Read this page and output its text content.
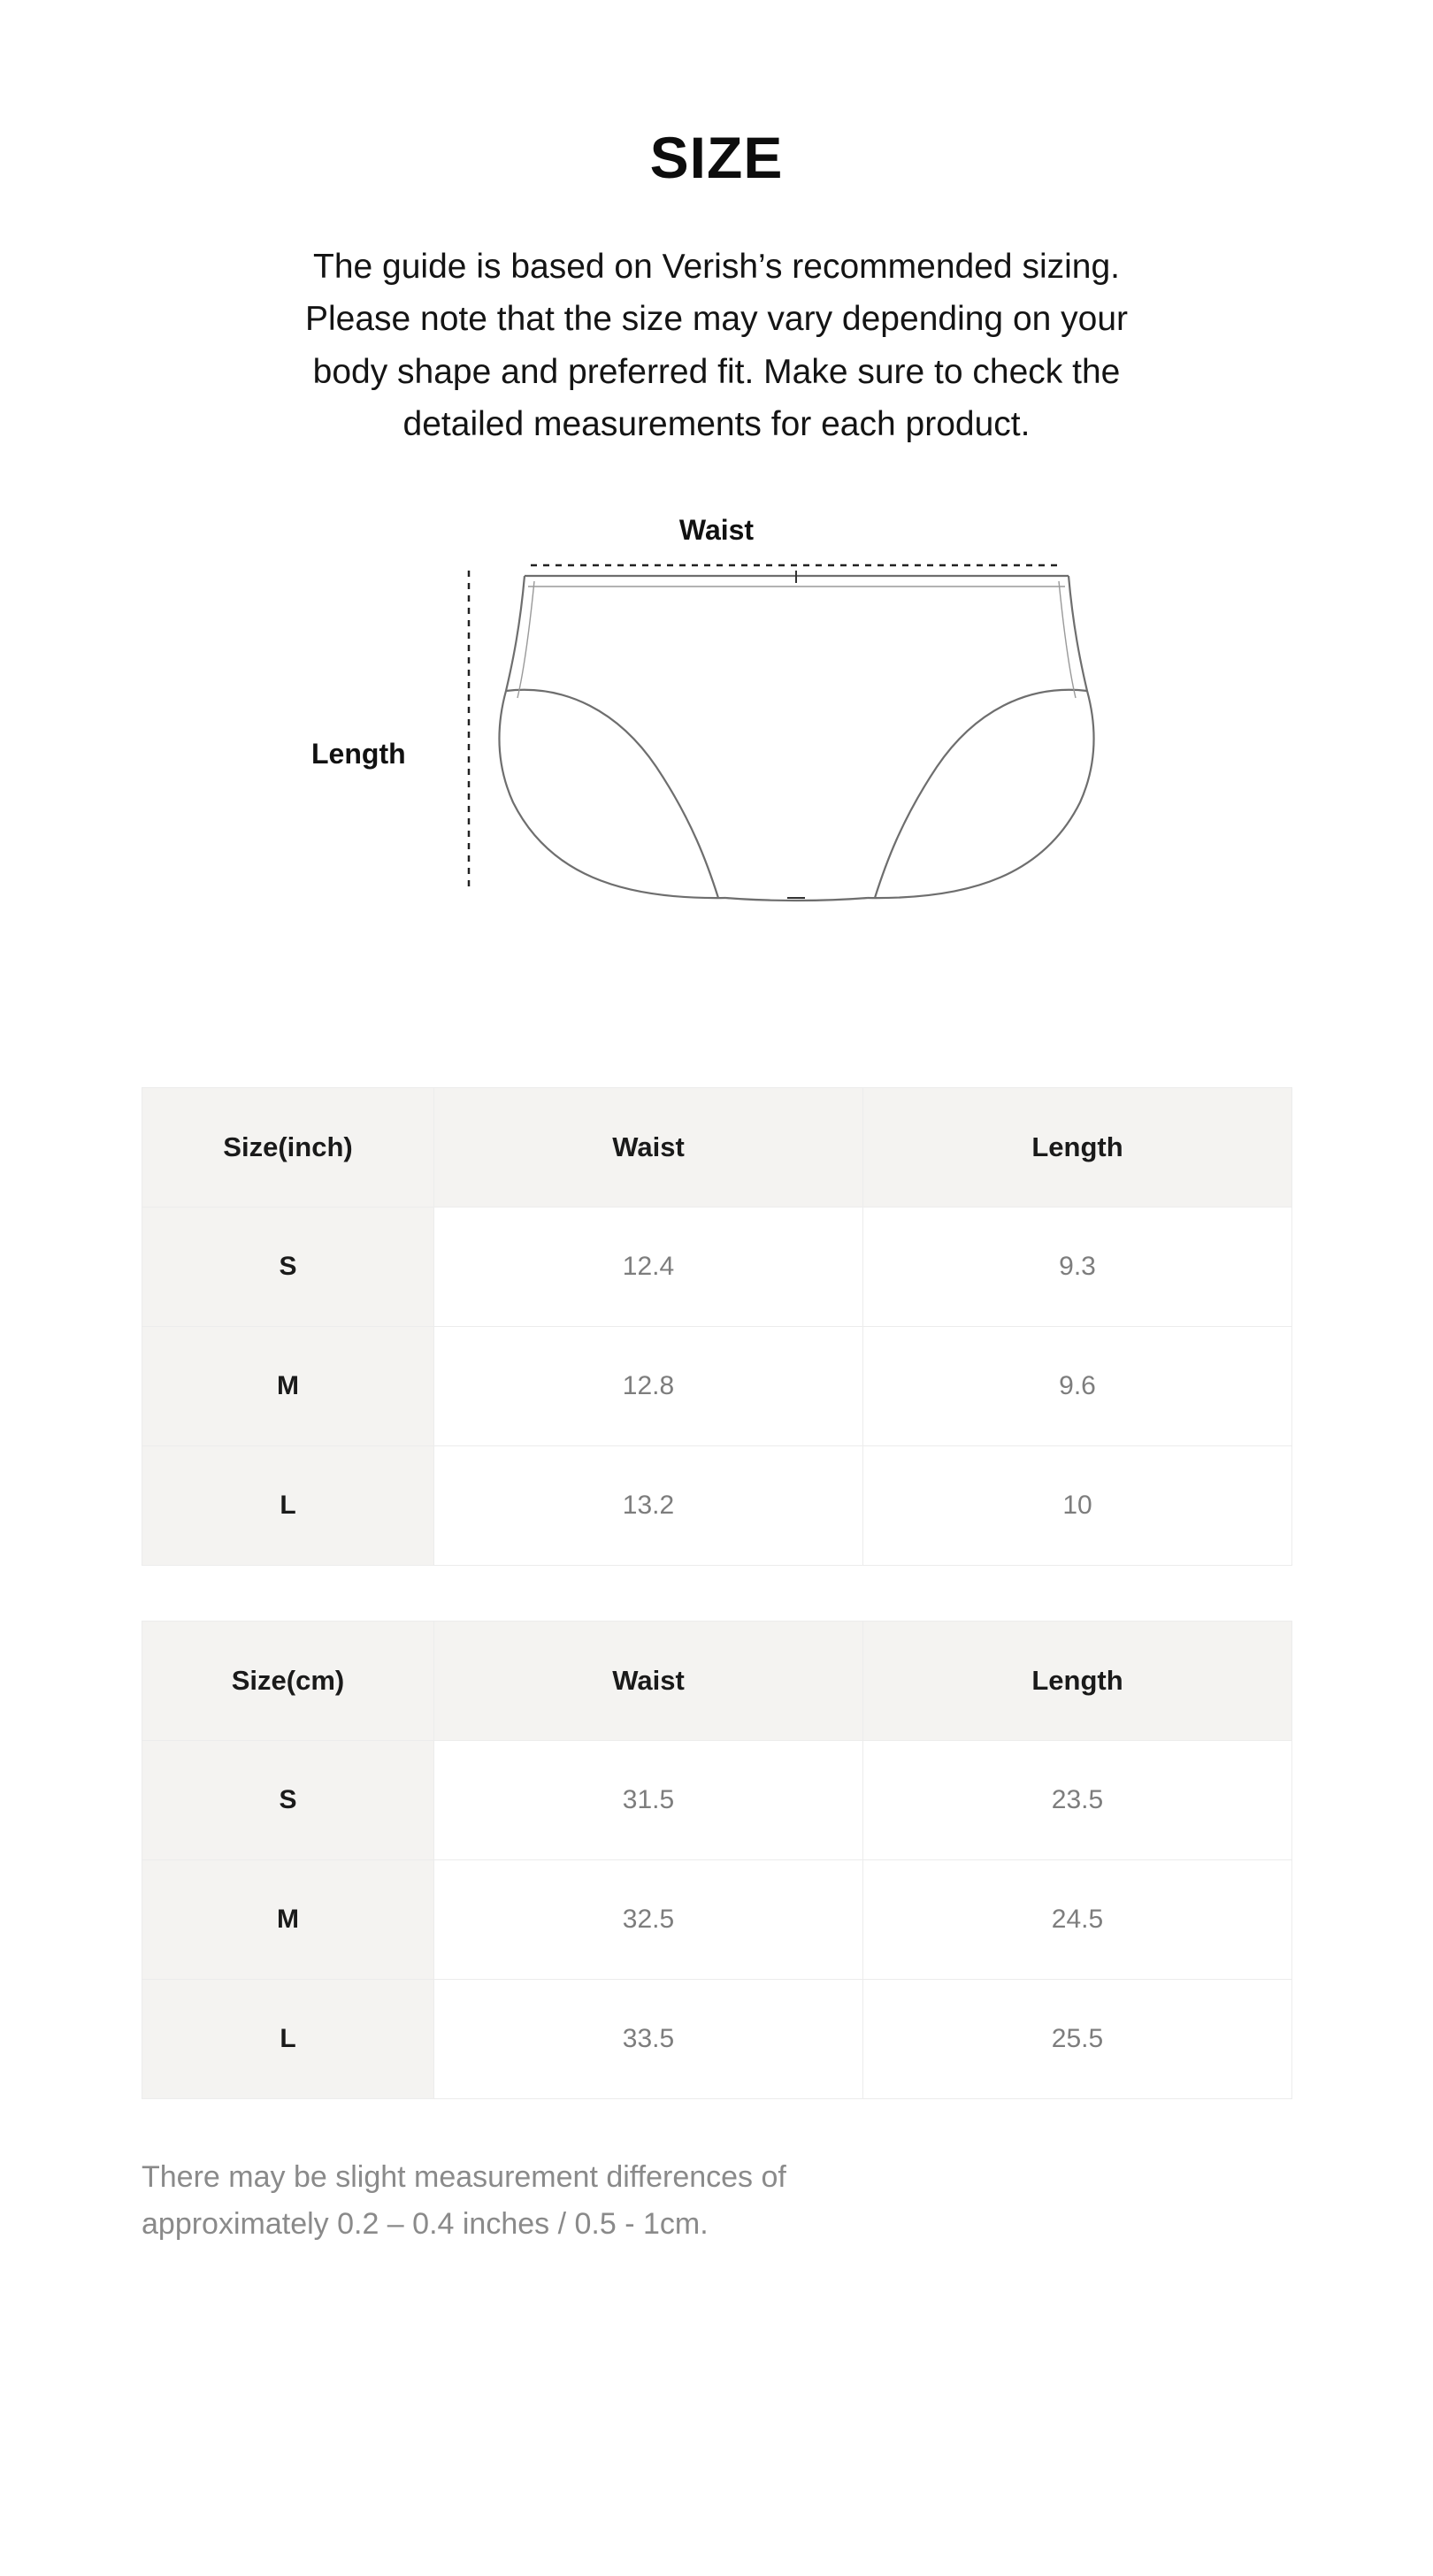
SIZE

The guide is based on Verish’s recommended sizing.

Please note that the size may vary depending on your

body shape and preferred fit. Make sure to check the

detailed measurements for each product.

Waist
Length
Size(inch)	Waist	Length
S	12.4	9.3
M	12.8	9.6
L	13.2	10
Size(cm)	Waist	Length
S	31.5	23.5
M	32.5	24.5
L	33.5	25.5

There may be slight measurement differences of

approximately 0.2 – 0.4 inches / 0.5 - 1cm.
